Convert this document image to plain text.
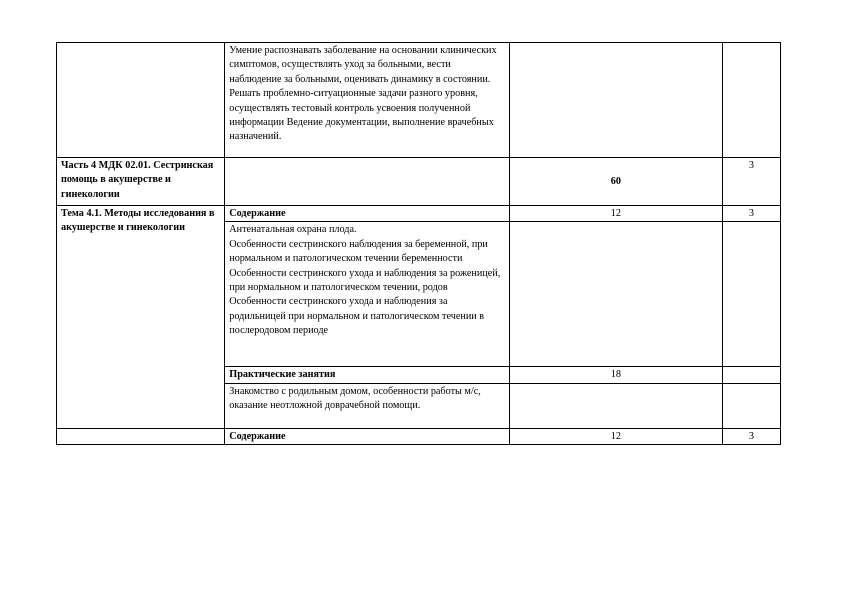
	Умение распознавать заболевание на основании клинических симптомов, осуществлять уход за больными, вести наблюдение за больными, оценивать динамику в состоянии. Решать проблемно-ситуационные задачи разного уровня, осуществлять тестовый контроль усвоения полученной информации Ведение документации, выполнение врачебных назначений.		
Часть 4 МДК 02.01. Сестринская помощь в акушерстве и гинекологии		60	3
Тема 4.1. Методы исследования в акушерстве и гинекологии	Содержание	12	3
	Антенатальная охрана плода.
Особенности сестринского наблюдения за беременной, при нормальном и патологическом течении беременности
Особенности сестринского ухода и наблюдения за роженицей, при нормальном и патологическом течении, родов
Особенности сестринского ухода и наблюдения за родильницей при нормальном и патологическом течении в послеродовом периоде		
	Практические занятия	18	
	Знакомство с родильным домом, особенности работы м/с, оказание неотложной доврачебной помощи.		
	Содержание	12	3
